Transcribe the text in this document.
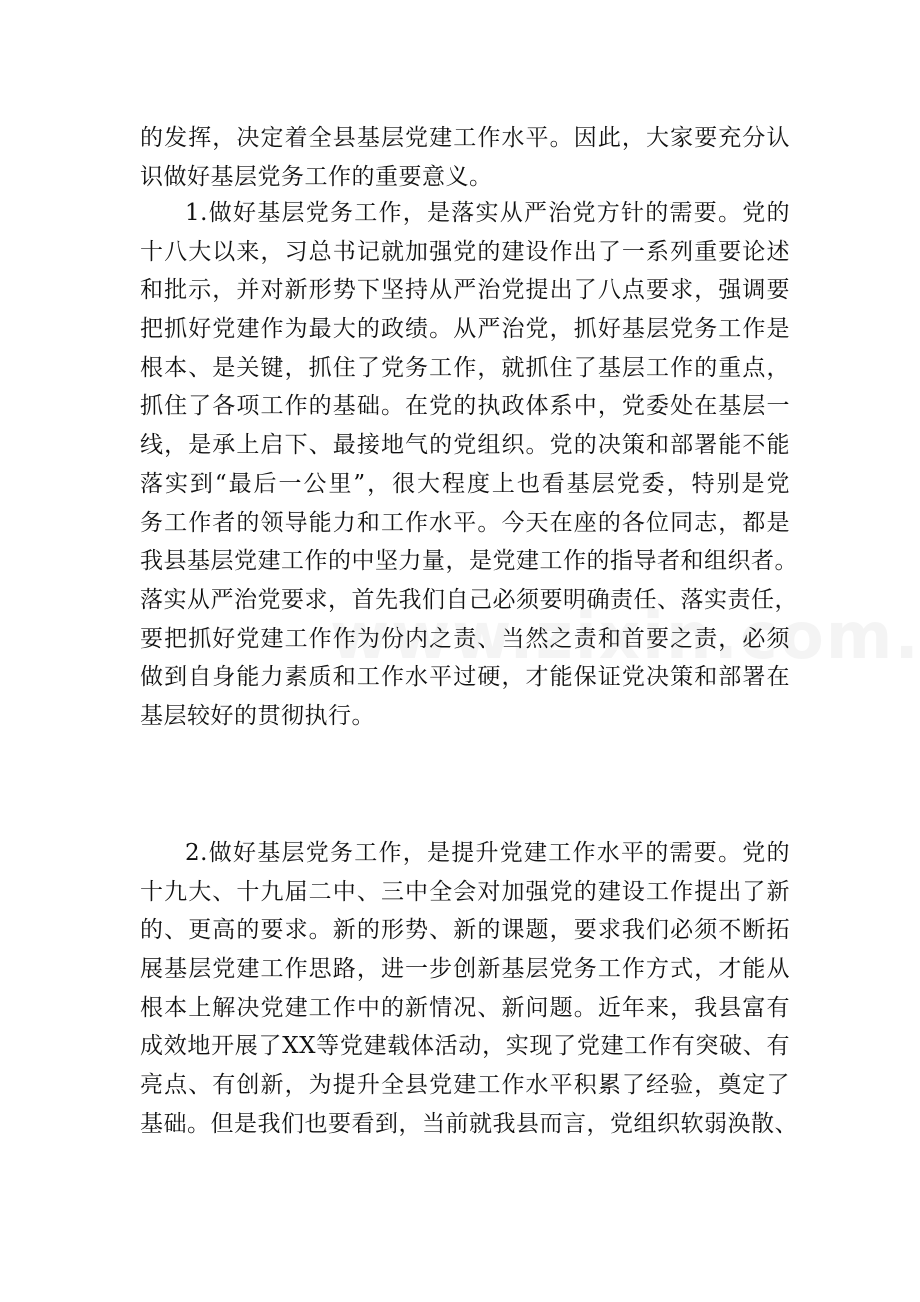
的发挥，决定着全县基层党建工作水平。因此，大家要充分认
识做好基层党务工作的重要意义。
1.做好基层党务工作，是落实从严治党方针的需要。党的
十八大以来，习总书记就加强党的建设作出了一系列重要论述
和批示，并对新形势下坚持从严治党提出了八点要求，强调要
把抓好党建作为最大的政绩。从严治党，抓好基层党务工作是
根本、是关键，抓住了党务工作，就抓住了基层工作的重点，
抓住了各项工作的基础。在党的执政体系中，党委处在基层一
线，是承上启下、最接地气的党组织。党的决策和部署能不能
落实到“最后一公里”，很大程度上也看基层党委，特别是党
务工作者的领导能力和工作水平。今天在座的各位同志，都是
我县基层党建工作的中坚力量，是党建工作的指导者和组织者。
落实从严治党要求，首先我们自己必须要明确责任、落实责任，
要把抓好党建工作作为份内之责、当然之责和首要之责，必须
做到自身能力素质和工作水平过硬，才能保证党决策和部署在
基层较好的贯彻执行。
2.做好基层党务工作，是提升党建工作水平的需要。党的
十九大、十九届二中、三中全会对加强党的建设工作提出了新
的、更高的要求。新的形势、新的课题，要求我们必须不断拓
展基层党建工作思路，进一步创新基层党务工作方式，才能从
根本上解决党建工作中的新情况、新问题。近年来，我县富有
成效地开展了XX等党建载体活动，实现了党建工作有突破、有
亮点、有创新，为提升全县党建工作水平积累了经验，奠定了
基础。但是我们也要看到，当前就我县而言，党组织软弱涣散、
